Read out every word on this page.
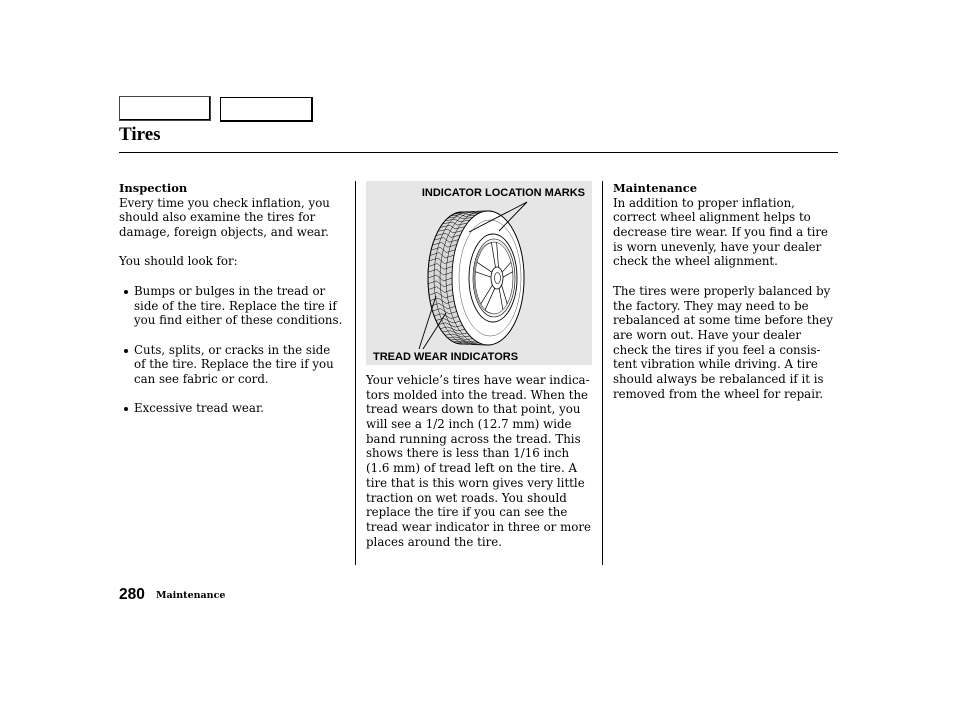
Tires
Inspection
Every time you check inflation, you
should also examine the tires for
damage, foreign objects, and wear.
You should look for:
Bumps or bulges in the tread or
side of the tire. Replace the tire if
you find either of these conditions.
Cuts, splits, or cracks in the side
of the tire. Replace the tire if you
can see fabric or cord.
Excessive tread wear.
INDICATOR LOCATION MARKS
TREAD WEAR INDICATORS
Your vehicle’s tires have wear indica-
tors molded into the tread. When the
tread wears down to that point, you
will see a 1/2 inch (12.7 mm) wide
band running across the tread. This
shows there is less than 1/16 inch
(1.6 mm) of tread left on the tire. A
tire that is this worn gives very little
traction on wet roads. You should
replace the tire if you can see the
tread wear indicator in three or more
places around the tire.
Maintenance
In addition to proper inflation,
correct wheel alignment helps to
decrease tire wear. If you find a tire
is worn unevenly, have your dealer
check the wheel alignment.
The tires were properly balanced by
the factory. They may need to be
rebalanced at some time before they
are worn out. Have your dealer
check the tires if you feel a consis-
tent vibration while driving. A tire
should always be rebalanced if it is
removed from the wheel for repair.
280 Maintenance
